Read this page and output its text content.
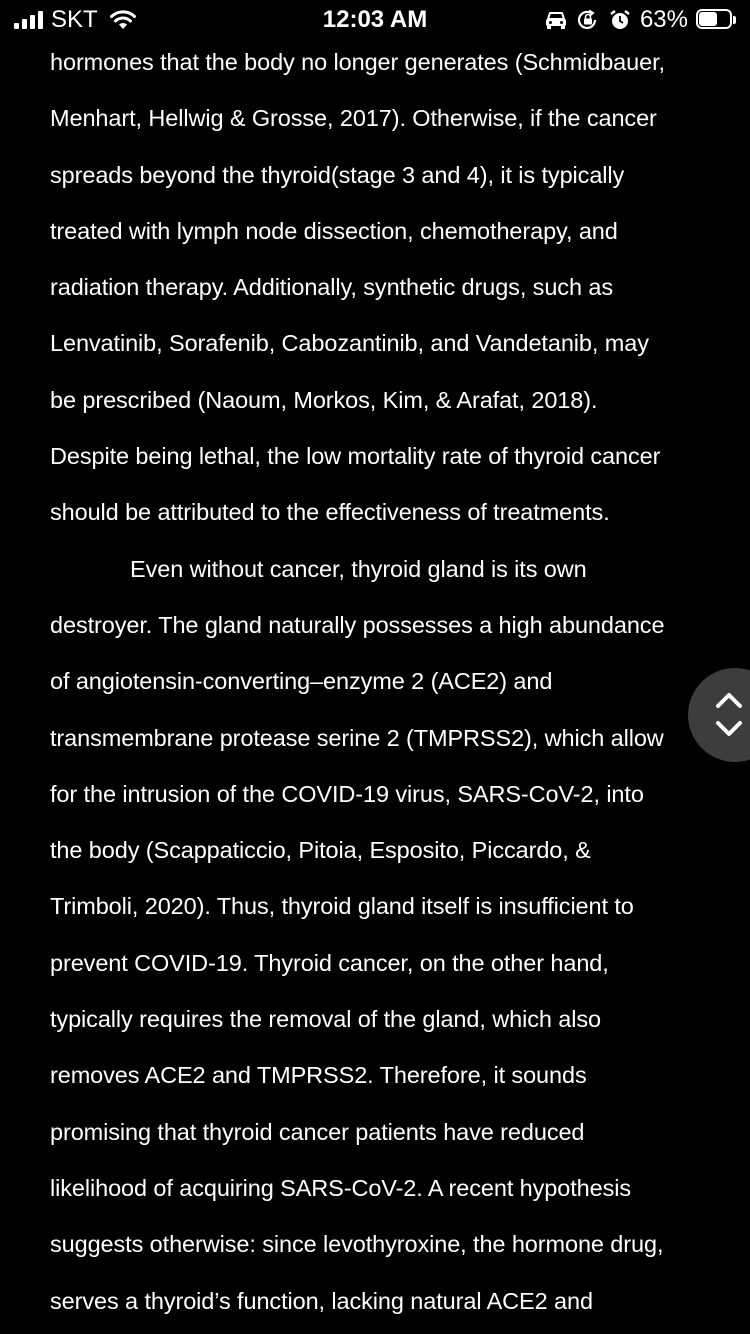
SKT	12:03 AM	63%
hormones that the body no longer generates (Schmidbauer,
Menhart, Hellwig & Grosse, 2017). Otherwise, if the cancer
spreads beyond the thyroid(stage 3 and 4), it is typically
treated with lymph node dissection, chemotherapy, and
radiation therapy. Additionally, synthetic drugs, such as
Lenvatinib, Sorafenib, Cabozantinib, and Vandetanib, may
be prescribed (Naoum, Morkos, Kim, & Arafat, 2018).
Despite being lethal, the low mortality rate of thyroid cancer
should be attributed to the effectiveness of treatments.
Even without cancer, thyroid gland is its own
destroyer. The gland naturally possesses a high abundance
of angiotensin-converting–enzyme 2 (ACE2) and
transmembrane protease serine 2 (TMPRSS2), which allow
for the intrusion of the COVID-19 virus, SARS-CoV-2, into
the body (Scappaticcio, Pitoia, Esposito, Piccardo, &
Trimboli, 2020). Thus, thyroid gland itself is insufficient to
prevent COVID-19. Thyroid cancer, on the other hand,
typically requires the removal of the gland, which also
removes ACE2 and TMPRSS2. Therefore, it sounds
promising that thyroid cancer patients have reduced
likelihood of acquiring SARS-CoV-2. A recent hypothesis
suggests otherwise: since levothyroxine, the hormone drug,
serves a thyroid’s function, lacking natural ACE2 and
